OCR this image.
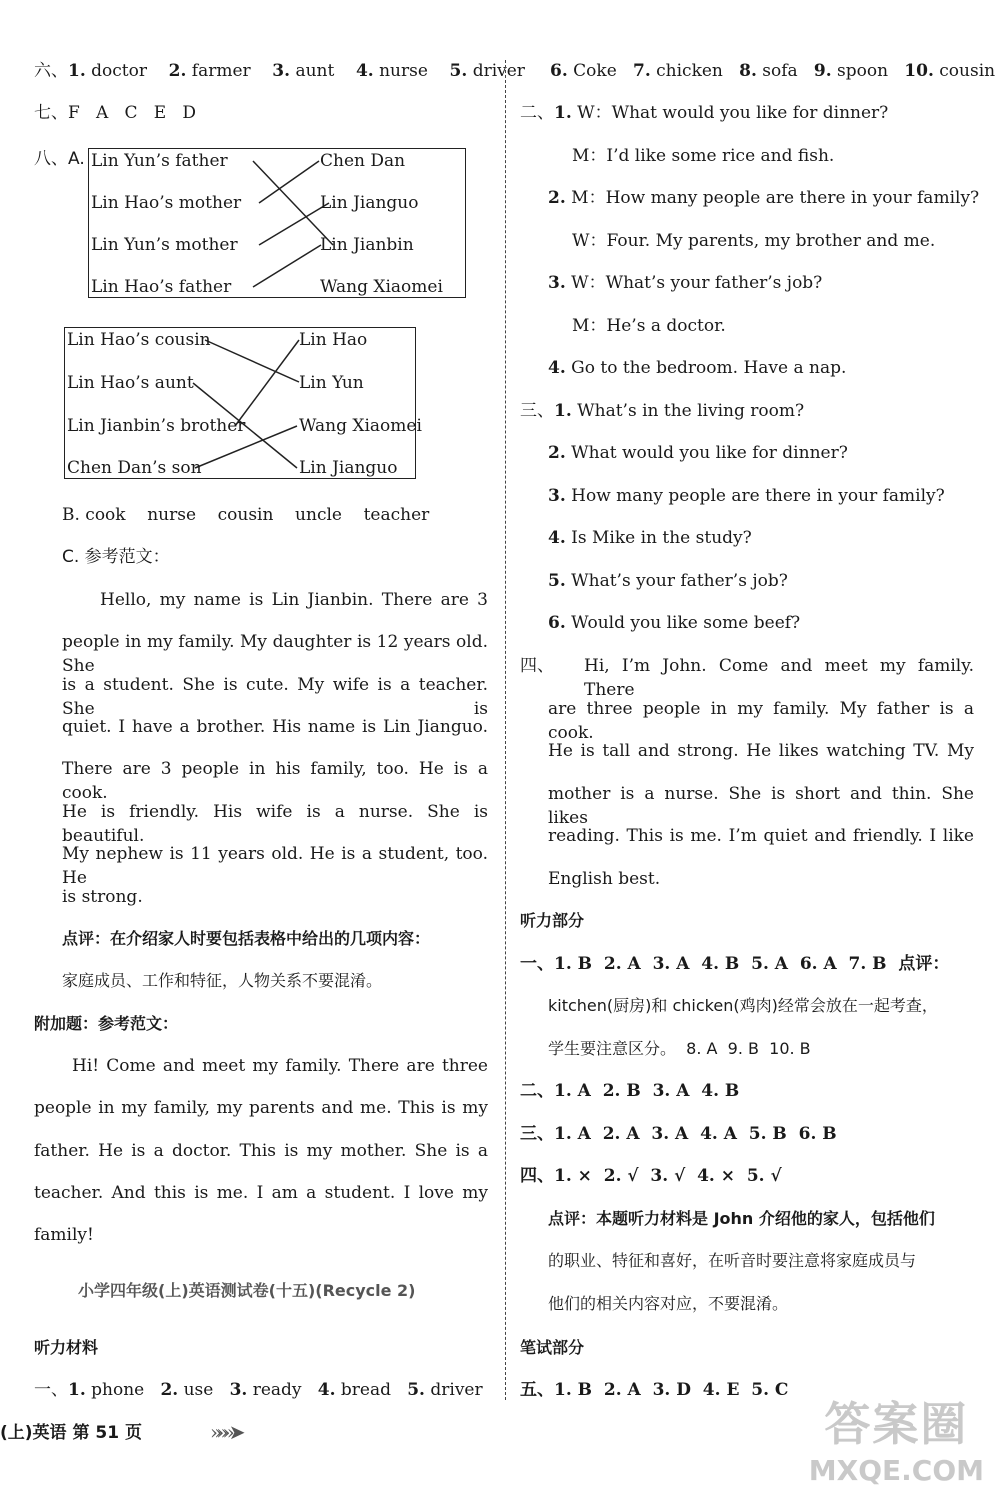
六、1. doctor 2. farmer 3. aunt 4. nurse 5. driver
七、F   A   C   E   D
八、A. Lin Yun’s father
Lin Hao’s mother
Lin Yun’s mother
Lin Hao’s father
Chen Dan
Lin Jianguo
Lin Jianbin
Wang Xiaomei
Lin Hao’s cousin
Lin Hao’s aunt
Lin Jianbin’s brother
Chen Dan’s son
Lin Hao
Lin Yun
Wang Xiaomei
Lin Jianguo
B. cook    nurse    cousin    uncle    teacher
C. 参考范文：
Hello, my name is Lin Jianbin. There are 3
people in my family. My daughter is 12 years old. She
is a student. She is cute. My wife is a teacher. She is
quiet. I have a brother. His name is Lin Jianguo.
There are 3 people in his family, too. He is a cook.
He is friendly. His wife is a nurse. She is beautiful.
My nephew is 11 years old. He is a student, too. He
is strong.
点评：在介绍家人时要包括表格中给出的几项内容：
家庭成员、工作和特征，人物关系不要混淆。
附加题：参考范文：
Hi! Come and meet my family. There are three
people in my family, my parents and me. This is my
father. He is a doctor. This is my mother. She is a
teacher. And this is me. I am a student. I love my
family!
小学四年级(上)英语测试卷(十五)(Recycle 2)
听力材料
一、1. phone 2. use 3. ready 4. bread 5. driver
6. Coke 7. chicken 8. sofa 9. spoon 10. cousin
二、1. W：What would you like for dinner?
M：I’d like some rice and fish.
2. M：How many people are there in your family?
W：Four. My parents, my brother and me.
3. W：What’s your father’s job?
M：He’s a doctor.
4. Go to the bedroom. Have a nap.
三、1. What’s in the living room?
2. What would you like for dinner?
3. How many people are there in your family?
4. Is Mike in the study?
5. What’s your father’s job?
6. Would you like some beef?
四、 Hi, I’m John. Come and meet my family. There
are three people in my family. My father is a cook.
He is tall and strong. He likes watching TV. My
mother is a nurse. She is short and thin. She likes
reading. This is me. I’m quiet and friendly. I like
English best.
听力部分
一、1. B  2. A  3. A  4. B  5. A  6. A  7. B 点评：
kitchen(厨房)和 chicken(鸡肉)经常会放在一起考查，
学生要注意区分。  8. A  9. B  10. B
二、1. A  2. B  3. A  4. B
三、1. A  2. A  3. A  4. A  5. B  6. B
四、1. ×  2. √  3. √  4. ×  5. √
点评：本题听力材料是 John 介绍他的家人，包括他们
的职业、特征和喜好，在听音时要注意将家庭成员与
他们的相关内容对应，不要混淆。
笔试部分
五、1. B  2. A  3. D  4. E  5. C
(上)英语 第 51 页	»»»➤	答案圈
MXQE.COM
